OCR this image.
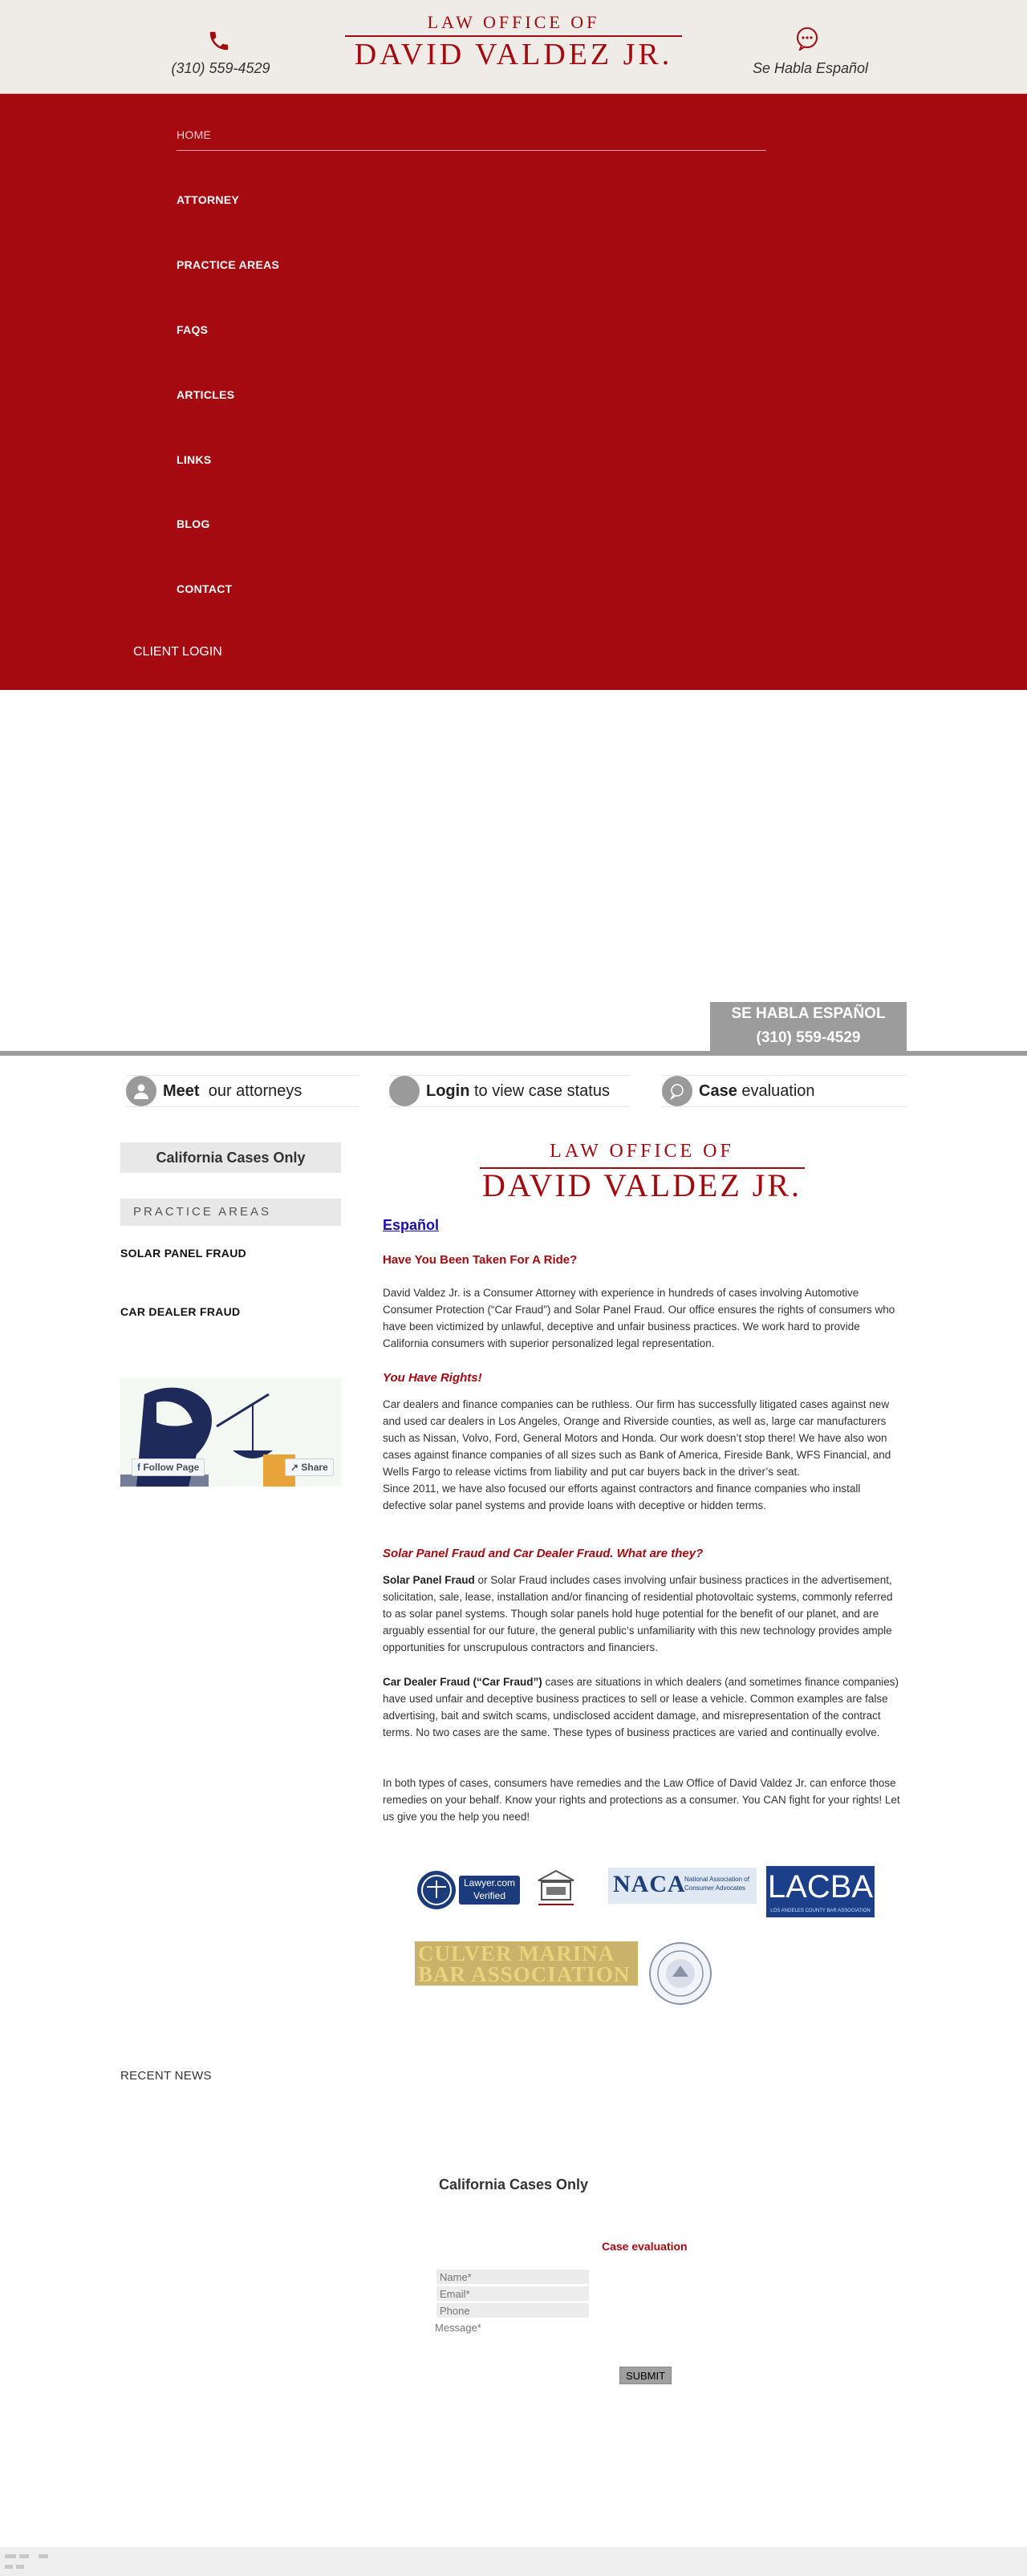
(310) 559-4529
LAW OFFICE OF
DAVID VALDEZ JR.	Se Habla Español
HOME
ATTORNEY
PRACTICE AREAS
FAQS
ARTICLES
LINKS
BLOG
CONTACT
CLIENT LOGIN
SE HABLA ESPAÑOL
(310) 559-4529
Meet our attorneys	Login to view case status	Case evaluation
California Cases Only
PRACTICE AREAS
SOLAR PANEL FRAUD
CAR DEALER FRAUD
f Follow Page	↗ Share
LAW OFFICE OF
DAVID VALDEZ JR.
Español
Have You Been Taken For A Ride?
David Valdez Jr. is a Consumer Attorney with experience in hundreds of cases involving Automotive Consumer Protection (“Car Fraud”) and Solar Panel Fraud. Our office ensures the rights of consumers who have been victimized by unlawful, deceptive and unfair business practices. We work hard to provide California consumers with superior personalized legal representation.
You Have Rights!
Car dealers and finance companies can be ruthless. Our firm has successfully litigated cases against new and used car dealers in Los Angeles, Orange and Riverside counties, as well as, large car manufacturers such as Nissan, Volvo, Ford, General Motors and Honda. Our work doesn’t stop there! We have also won cases against finance companies of all sizes such as Bank of America, Fireside Bank, WFS Financial, and Wells Fargo to release victims from liability and put car buyers back in the driver’s seat.
Since 2011, we have also focused our efforts against contractors and finance companies who install defective solar panel systems and provide loans with deceptive or hidden terms.
Solar Panel Fraud and Car Dealer Fraud. What are they?
Solar Panel Fraud or Solar Fraud includes cases involving unfair business practices in the advertisement, solicitation, sale, lease, installation and/or financing of residential photovoltaic systems, commonly referred to as solar panel systems. Though solar panels hold huge potential for the benefit of our planet, and are arguably essential for our future, the general public’s unfamiliarity with this new technology provides ample opportunities for unscrupulous contractors and financiers.
Car Dealer Fraud (“Car Fraud”) cases are situations in which dealers (and sometimes finance companies) have used unfair and deceptive business practices to sell or lease a vehicle. Common examples are false advertising, bait and switch scams, undisclosed accident damage, and misrepresentation of the contract terms. No two cases are the same. These types of business practices are varied and continually evolve.
In both types of cases, consumers have remedies and the Law Office of David Valdez Jr. can enforce those remedies on your behalf. Know your rights and protections as a consumer. You CAN fight for your rights! Let us give you the help you need!
Lawyer.com
Verified	NACA
National Association of Consumer Advocates LACBA
LOS ANGELES COUNTY BAR ASSOCIATION
CULVER MARINA
BAR ASSOCIATION
RECENT NEWS
California Cases Only
Case evaluation
Name*
Email*
Phone
Message*
SUBMIT
